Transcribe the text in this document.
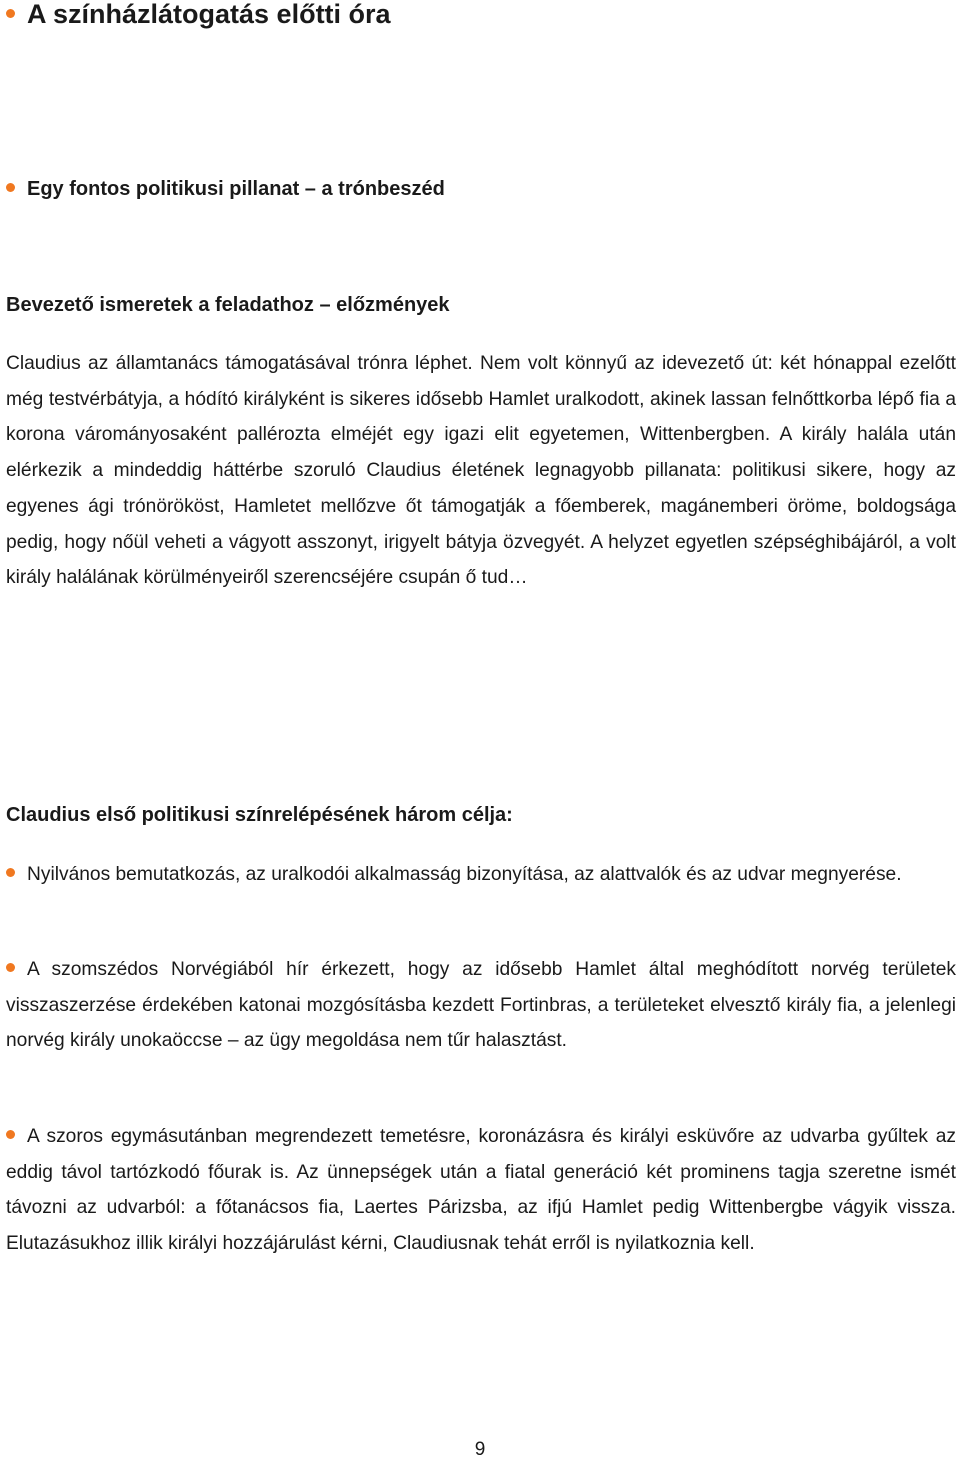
A színházlátogatás előtti óra
Egy fontos politikusi pillanat – a trónbeszéd
Bevezető ismeretek a feladathoz – előzmények

Claudius az államtanács támogatásával trónra léphet. Nem volt könnyű az idevezető út: két hónappal ezelőtt még testvérbátyja, a hódító királyként is sikeres idősebb Hamlet uralkodott, akinek lassan felnőttkorba lépő fia a korona várományosaként pallérozta elméjét egy igazi elit egyetemen, Wittenbergben. A király halála után elérkezik a mindeddig háttérbe szoruló Claudius életének legnagyobb pillanata: politikusi sikere, hogy az egyenes ági trónörököst, Hamletet mellőzve őt támogatják a főemberek, magánemberi öröme, boldogsága pedig, hogy nőül veheti a vágyott asszonyt, irigyelt bátyja özvegyét. A helyzet egyetlen szépséghibájáról, a volt király halálának körülményeiről szerencséjére csupán ő tud…

Claudius első politikusi színrelépésének három célja:

Nyilvános bemutatkozás, az uralkodói alkalmasság bizonyítása, az alattvalók és az udvar megnyerése.

A szomszédos Norvégiából hír érkezett, hogy az idősebb Hamlet által meghódított norvég területek visszaszerzése érdekében katonai mozgósításba kezdett Fortinbras, a területeket elvesztő király fia, a jelenlegi norvég király unokaöccse – az ügy megoldása nem tűr halasztást.

A szoros egymásutánban megrendezett temetésre, koronázásra és királyi esküvőre az udvarba gyűltek az eddig távol tartózkodó főurak is. Az ünnepségek után a fiatal generáció két prominens tagja szeretne ismét távozni az udvarból: a főtanácsos fia, Laertes Párizsba, az ifjú Hamlet pedig Wittenbergbe vágyik vissza. Elutazásukhoz illik királyi hozzájárulást kérni, Claudiusnak tehát erről is nyilatkoznia kell.

9
